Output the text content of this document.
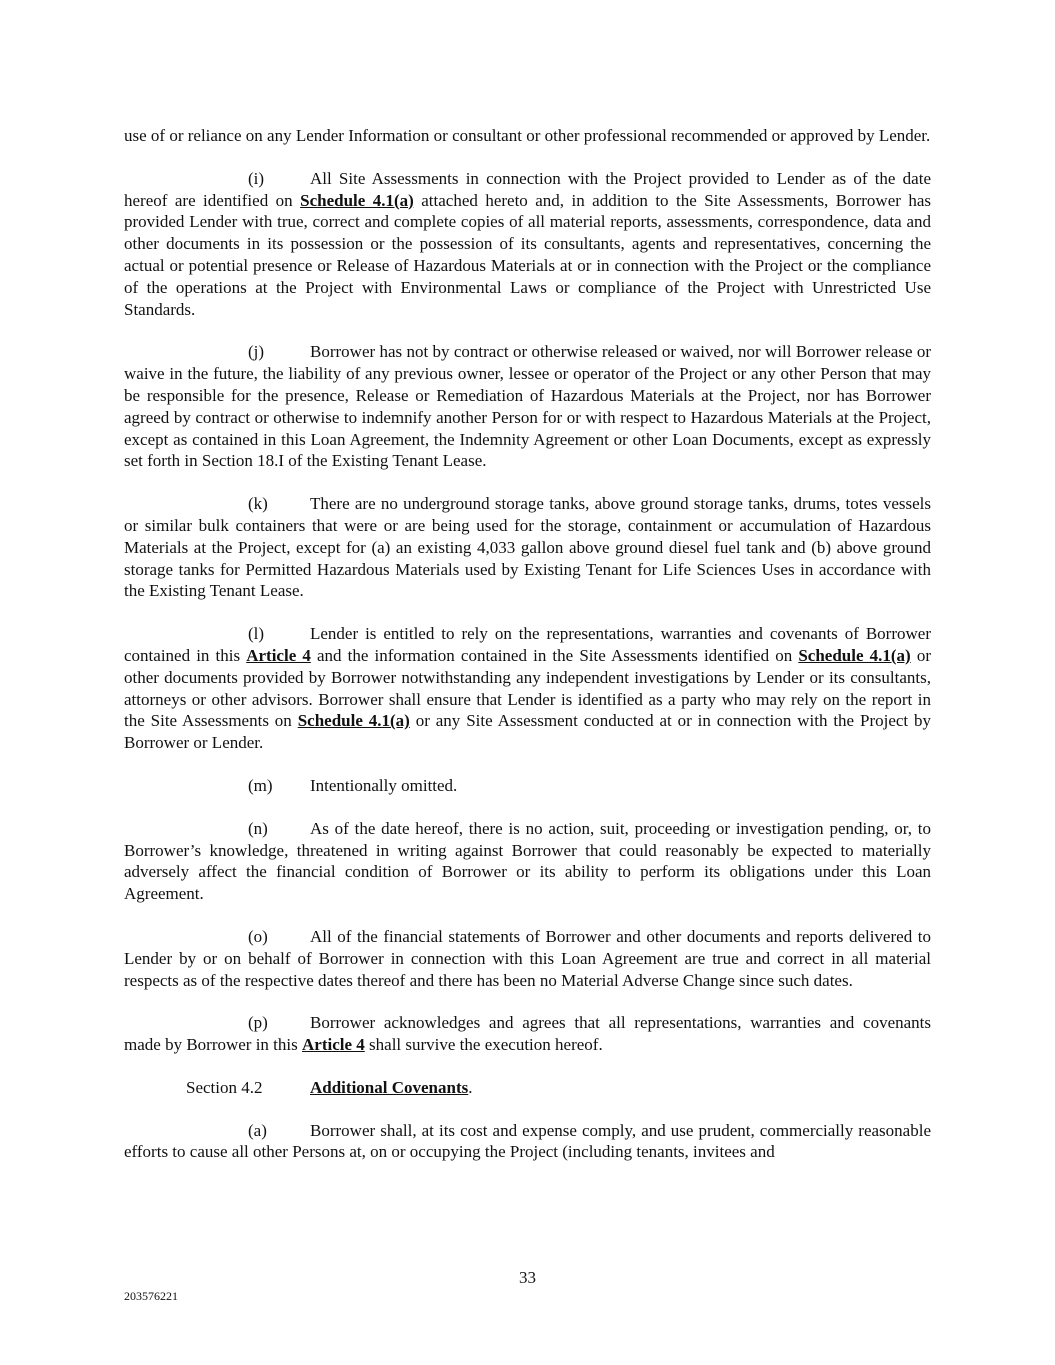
use of or reliance on any Lender Information or consultant or other professional recommended or approved by Lender.

(i)	All Site Assessments in connection with the Project provided to Lender as of the date hereof are identified on Schedule 4.1(a) attached hereto and, in addition to the Site Assessments, Borrower has provided Lender with true, correct and complete copies of all material reports, assessments, correspondence, data and other documents in its possession or the possession of its consultants, agents and representatives, concerning the actual or potential presence or Release of Hazardous Materials at or in connection with the Project or the compliance of the operations at the Project with Environmental Laws or compliance of the Project with Unrestricted Use Standards.

(j)	Borrower has not by contract or otherwise released or waived, nor will Borrower release or waive in the future, the liability of any previous owner, lessee or operator of the Project or any other Person that may be responsible for the presence, Release or Remediation of Hazardous Materials at the Project, nor has Borrower agreed by contract or otherwise to indemnify another Person for or with respect to Hazardous Materials at the Project, except as contained in this Loan Agreement, the Indemnity Agreement or other Loan Documents, except as expressly set forth in Section 18.I of the Existing Tenant Lease.

(k) There are no underground storage tanks, above ground storage tanks, drums, totes vessels or similar bulk containers that were or are being used for the storage, containment or accumulation of Hazardous Materials at the Project, except for (a) an existing 4,033 gallon above ground diesel fuel tank and (b) above ground storage tanks for Permitted Hazardous Materials used by Existing Tenant for Life Sciences Uses in accordance with the Existing Tenant Lease.

(l)	Lender is entitled to rely on the representations, warranties and covenants of Borrower contained in this Article 4 and the information contained in the Site Assessments identified on Schedule 4.1(a) or other documents provided by Borrower notwithstanding any independent investigations by Lender or its consultants, attorneys or other advisors. Borrower shall ensure that Lender is identified as a party who may rely on the report in the Site Assessments on Schedule 4.1(a) or any Site Assessment conducted at or in connection with the Project by Borrower or Lender.

(m) Intentionally omitted.

(n) As of the date hereof, there is no action, suit, proceeding or investigation pending, or, to Borrower’s knowledge, threatened in writing against Borrower that could reasonably be expected to materially adversely affect the financial condition of Borrower or its ability to perform its obligations under this Loan Agreement.

(o) All of the financial statements of Borrower and other documents and reports delivered to Lender by or on behalf of Borrower in connection with this Loan Agreement are true and correct in all material respects as of the respective dates thereof and there has been no Material Adverse Change since such dates.

(p) Borrower acknowledges and agrees that all representations, warranties and covenants made by Borrower in this Article 4 shall survive the execution hereof.

Section 4.2	Additional Covenants.

(a)	Borrower shall, at its cost and expense comply, and use prudent, commercially reasonable efforts to cause all other Persons at, on or occupying the Project (including tenants, invitees and

33
203576221
